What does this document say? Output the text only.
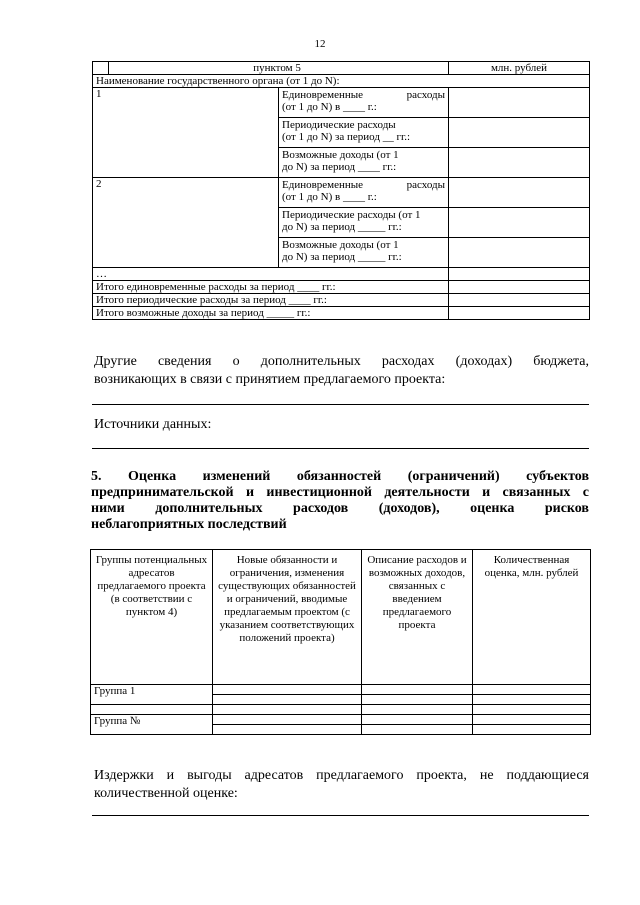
12
	пунктом 5		млн. рублей
Наименование государственного органа (от 1 до N):			
1		Единовременные расходы
(от 1 до N) в ____ г.:	

		Периодические расходы
(от 1 до N) за период __ гг.:	

		Возможные доходы (от 1
до N) за период ____ гг.:	

2		Единовременные расходы
(от 1 до N) в ____ г.:	

		Периодические расходы (от 1
до N) за период _____ гг.:	

		Возможные доходы (от 1
до N) за период _____ гг.:	

…			
Итого единовременные расходы за период ____ гг.:			
Итого периодические расходы за период ____ гг.:			
Итого возможные доходы за период _____ гг.:			
Другие сведения о дополнительных расходах (доходах) бюджета,
возникающих в связи с принятием предлагаемого проекта:
Источники данных:
5. Оценка изменений обязанностей (ограничений) субъектов
предпринимательской и инвестиционной деятельности и связанных с
ними дополнительных расходов (доходов), оценка рисков
неблагоприятных последствий
Группы потенциальных адресатов предлагаемого проекта (в соответствии с пунктом 4)	Новые обязанности и ограничения, изменения существующих обязанностей и ограничений, вводимые предлагаемым проектом (с указанием соответствующих положений проекта)	Описание расходов и возможных доходов, связанных с введением предлагаемого проекта	Количественная оценка, млн. рублей
Группа 1			

Группа №			

Издержки и выгоды адресатов предлагаемого проекта, не поддающиеся
количественной оценке:
